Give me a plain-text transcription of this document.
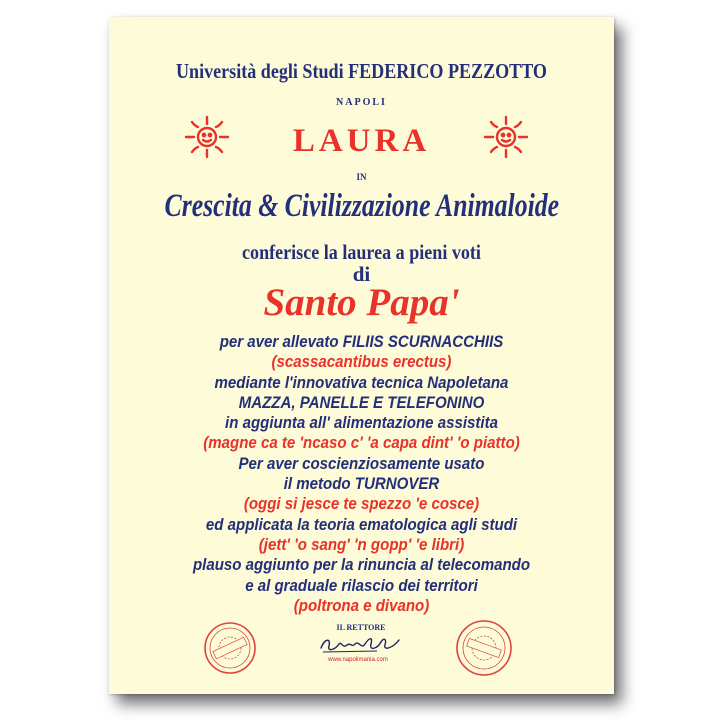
Università degli Studi FEDERICO PEZZOTTO
NAPOLI
LAURA
IN
Crescita & Civilizzazione Animaloide
conferisce la laurea a pieni voti
di
Santo Papa'
per aver allevato FILIIS SCURNACCHIIS
(scassacantibus erectus)
mediante l'innovativa tecnica Napoletana
MAZZA, PANELLE E TELEFONINO
in aggiunta all' alimentazione assistita
(magne ca te 'ncaso c' 'a capa dint' 'o piatto)
Per aver coscienziosamente usato
il metodo TURNOVER
(oggi si jesce te spezzo 'e cosce)
ed applicata la teoria ematologica agli studi
(jett' 'o sang' 'n gopp' 'e libri)
plauso aggiunto per la rinuncia al telecomando
e al graduale rilascio dei territori
(poltrona e divano)
IL RETTORE
www.napolimania.com
